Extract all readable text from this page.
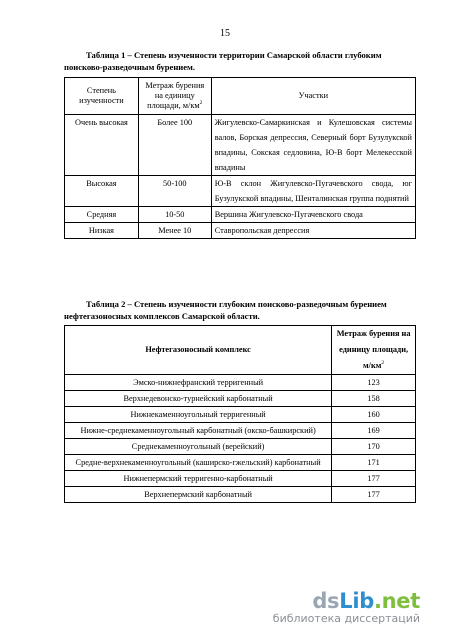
15
Таблица 1 – Степень изученности территории Самарской области глубоким поисково-разведочным бурением.
Степень изученности	Метраж бурения на единицу площади, $м/км^2$	Участки
Очень высокая	Более 100	Жигулевско-Самаркинская и Кулешовская системы валов, Борская депрессия, Северный борт Бузулукской впадины, Сокская седловина, Ю-В борт Мелекесской впадины
Высокая	50-100	Ю-В склон Жигулевско-Пугачевского свода, юг Бузулукской впадины, Шенталинская группа поднятий
Средняя	10-50	Вершина Жигулевско-Пугачевского свода
Низкая	Менее 10	Ставропольская депрессия
Таблица 2 – Степень изученности глубоким поисково-разведочным бурением нефтегазоносных комплексов Самарской области.
Нефтегазоносный комплекс	Метраж бурения на единицу площади, $м/км^2$
Эмско-нижнефранский терригенный	123
Верхнедевонско-турнейский карбонатный	158
Нижнекаменноугольный терригенный	160
Нижне-среднекаменноугольный карбонатный (окско-башкирский)	169
Среднекаменноугольный (верейский)	170
Средне-верхнекаменноугольный (каширско-гжельский) карбонатный	171
Нижнепермский терригенно-карбонатный	177
Верхнепермский карбонатный	177
dsLib.net
библиотека диссертаций
